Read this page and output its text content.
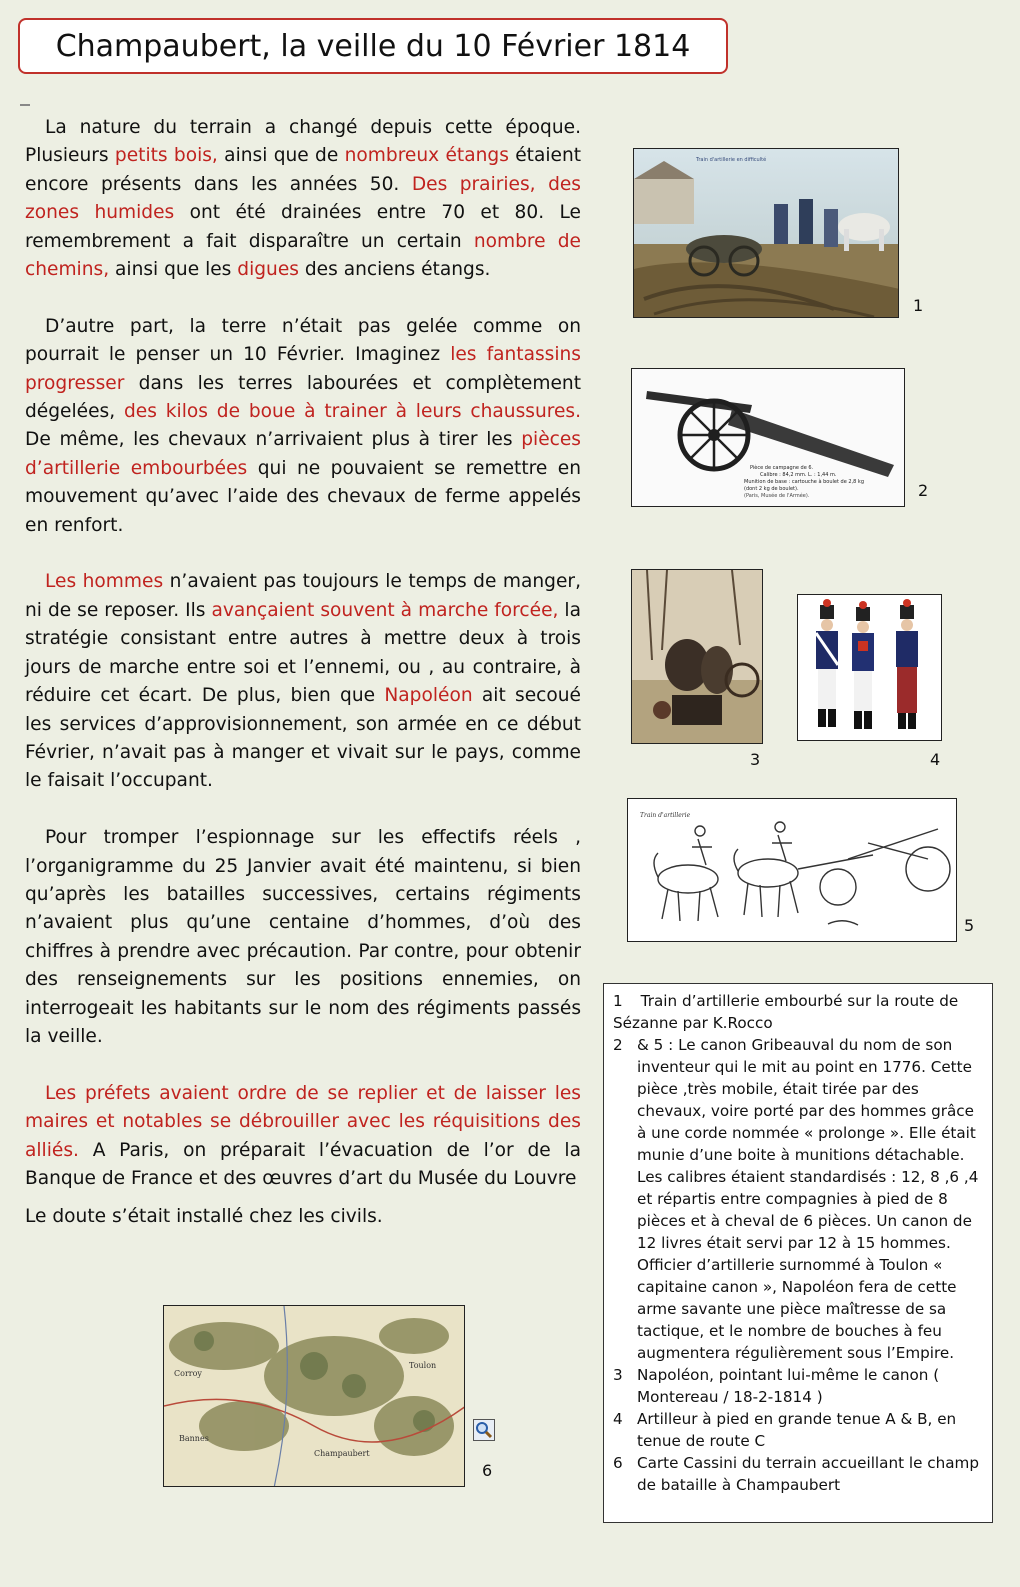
Champaubert, la veille du 10 Février 1814

La nature du terrain a changé depuis cette époque. Plusieurs petits bois, ainsi que de nombreux étangs étaient encore présents dans les années 50. Des prairies, des zones humides ont été drainées entre 70 et 80. Le remembrement a fait disparaître un certain nombre de chemins, ainsi que les digues des anciens étangs.

D’autre part, la terre n’était pas gelée comme on pourrait le penser un 10 Février. Imaginez les fantassins progresser dans les terres labourées et complètement dégelées, des kilos de boue à trainer à leurs chaussures. De même, les chevaux n’arrivaient plus à tirer les pièces d’artillerie embourbées qui ne pouvaient se remettre en mouvement qu’avec l’aide des chevaux de ferme appelés en renfort.

Les hommes n’avaient pas toujours le temps de manger, ni de se reposer. Ils avançaient souvent à marche forcée, la stratégie consistant entre autres à mettre deux à trois jours de marche entre soi et l’ennemi, ou , au contraire, à réduire cet écart. De plus, bien que Napoléon ait secoué les services d’approvisionnement, son armée en ce début Février, n’avait pas à manger et vivait sur le pays, comme le faisait l’occupant.

Pour tromper l’espionnage sur les effectifs réels , l’organigramme du 25 Janvier avait été maintenu, si bien qu’après les batailles successives, certains régiments n’avaient plus qu’une centaine d’hommes, d’où des chiffres à prendre avec précaution. Par contre, pour obtenir des renseignements sur les positions ennemies, on interrogeait les habitants sur le nom des régiments passés la veille.

Les préfets avaient ordre de se replier et de laisser les maires et notables se débrouiller avec les réquisitions des alliés. A Paris, on préparait l’évacuation de l’or de la Banque de France et des œuvres d’art du Musée du Louvre

Le doute s’était installé chez les civils.

Train d'artillerie en difficulté
1
Pièce de campagne de 6.
Calibre : 84,2 mm. L. : 1,44 m.
Munition de base : cartouche à boulet de 2,8 kg
(dont 2 kg de boulet).
(Paris, Musée de l'Armée).	2
3	4
Train d'artillerie
5
Corroy
Bannes
Toulon
Champaubert
6
1 Train d’artillerie embourbé sur la route de Sézanne par K.Rocco
2 & 5 : Le canon Gribeauval du nom de son inventeur qui le mit au point en 1776. Cette pièce ,très mobile, était tirée par des chevaux, voire porté par des hommes grâce à une corde nommée « prolonge ». Elle était munie d’une boite à munitions détachable. Les calibres étaient standardisés : 12, 8 ,6 ,4 et répartis entre compagnies à pied de 8 pièces et à cheval de 6 pièces. Un canon de 12 livres était servi par 12 à 15 hommes. Officier d’artillerie surnommé à Toulon « capitaine canon », Napoléon fera de cette arme savante une pièce maîtresse de sa tactique, et le nombre de bouches à feu augmentera régulièrement sous l’Empire.
3 Napoléon, pointant lui-même le canon ( Montereau / 18-2-1814 )
4 Artilleur à pied en grande tenue A & B, en tenue de route C
6 Carte Cassini du terrain accueillant le champ de bataille à Champaubert
